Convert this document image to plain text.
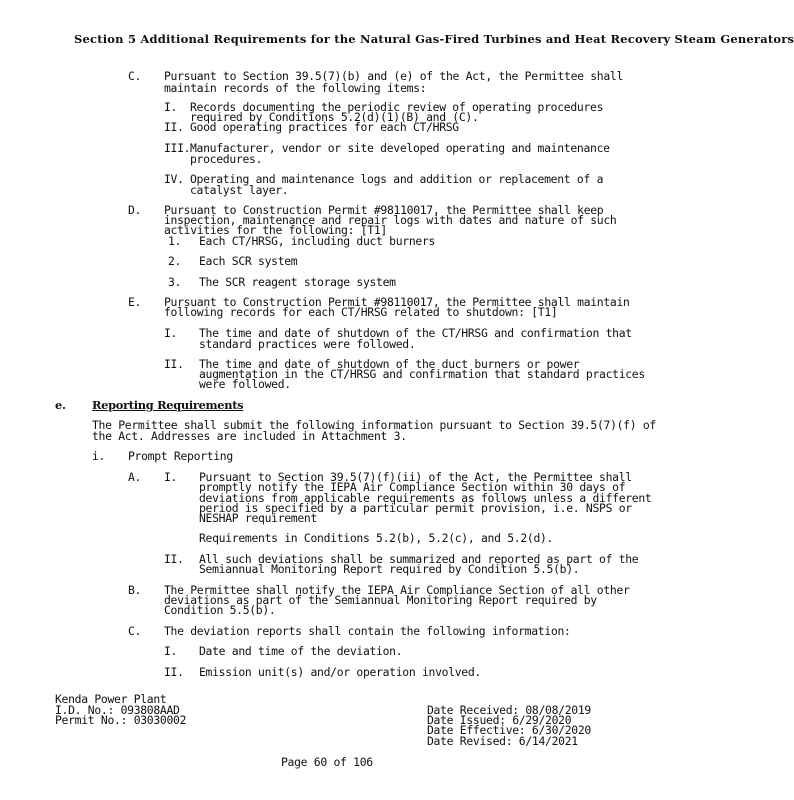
Section 5 Additional Requirements for the Natural Gas-Fired Turbines and Heat Recovery Steam Generators
C. Pursuant to Section 39.5(7)(b) and (e) of the Act, the Permittee shall
maintain records of the following items:
I. Records documenting the periodic review of operating procedures
required by Conditions 5.2(d)(1)(B) and (C).
II. Good operating practices for each CT/HRSG
III. Manufacturer, vendor or site developed operating and maintenance
procedures.
IV. Operating and maintenance logs and addition or replacement of a
catalyst layer.
D. Pursuant to Construction Permit #98110017, the Permittee shall keep
inspection, maintenance and repair logs with dates and nature of such
activities for the following: [T1]
1. Each CT/HRSG, including duct burners
2. Each SCR system
3. The SCR reagent storage system
E. Pursuant to Construction Permit #98110017, the Permittee shall maintain
following records for each CT/HRSG related to shutdown: [T1]
I. The time and date of shutdown of the CT/HRSG and confirmation that
standard practices were followed.
II. The time and date of shutdown of the duct burners or power
augmentation in the CT/HRSG and confirmation that standard practices
were followed.
e. Reporting Requirements
The Permittee shall submit the following information pursuant to Section 39.5(7)(f) of
the Act. Addresses are included in Attachment 3.
i. Prompt Reporting
A. I. Pursuant to Section 39.5(7)(f)(ii) of the Act, the Permittee shall
promptly notify the IEPA Air Compliance Section within 30 days of
deviations from applicable requirements as follows unless a different
period is specified by a particular permit provision, i.e. NSPS or
NESHAP requirement
Requirements in Conditions 5.2(b), 5.2(c), and 5.2(d).
II. All such deviations shall be summarized and reported as part of the
Semiannual Monitoring Report required by Condition 5.5(b).
B. The Permittee shall notify the IEPA Air Compliance Section of all other
deviations as part of the Semiannual Monitoring Report required by
Condition 5.5(b).
C. The deviation reports shall contain the following information:
I. Date and time of the deviation.
II. Emission unit(s) and/or operation involved.
Kenda Power Plant
I.D. No.: 093808AAD
Permit No.: 03030002
Date Received: 08/08/2019
Date Issued: 6/29/2020
Date Effective: 6/30/2020
Date Revised: 6/14/2021
Page 60 of 106
